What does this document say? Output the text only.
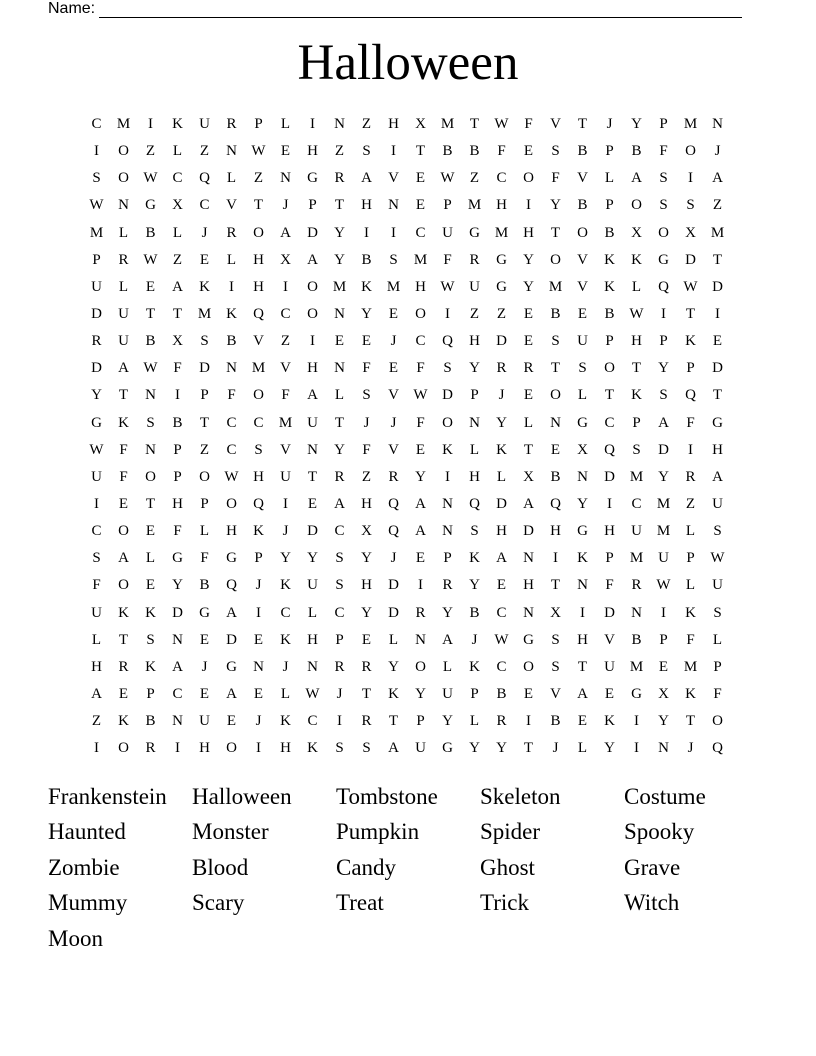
Name:
Halloween
C	M	I	K	U	R	P	L	I	N	Z	H	X M	T	W	F	V	T	J	Y	P	M N
I	O	Z	L	Z	N W	E	H	Z	S	I	T	B	B	F	E	S	B	P	B	F	O	J
S	O W C	Q	L	Z	N	G	R	A	V	E	W	Z	C	O	F	V	L	A	S	I	A
W N	G	X	C	V	T	J	P	T	H	N	E	P	M H	I	Y	B	P	O	S	S	Z
M	L	B	L	J	R	O	A	D	Y	I	I	C	U	G M H	T	O	B	X	O	X M
P	R W	Z	E	L	H	X	A	Y	B	S	M	F	R	G	Y	O	V	K	K	G	D	T
U	L	E	A	K	I	H	I	O M K M H W U	G	Y M V	K	L	Q W D
D	U	T	T	M K	Q	C	O	N	Y	E	O	I	Z	Z	E	B	E	B W	I	T	I
R	U	B	X	S	B	V	Z	I	E	E	J	C	Q	H	D	E	S	U	P	H	P	K	E
D	A W	F	D	N M V	H	N	F	E	F	S	Y	R	R	T	S	O	T	Y	P	D
Y	T	N	I	P	F	O	F	A	L	S	V W D	P	J	E	O	L	T	K	S	Q	T
G	K	S	B	T	C	C	M U	T	J	J	F	O	N	Y	L	N	G	C	P	A	F	G
W	F	N	P	Z	C	S	V	N	Y	F	V	E	K	L	K	T	E	X	Q	S	D	I	H
U	F	O	P	O W H	U	T	R	Z	R	Y	I	H	L	X	B	N	D M Y	R	A
I	E	T	H	P	O	Q	I	E	A	H	Q	A	N	Q	D	A	Q	Y	I	C	M	Z	U
C	O	E	F	L	H	K	J	D	C	X	Q	A	N	S	H	D	H	G	H	U M	L	S
S	A	L	G	F	G	P	Y	Y	S	Y	J	E	P	K	A	N	I	K	P	M U	P	W
F	O	E	Y	B	Q	J	K	U	S	H	D	I	R	Y	E	H	T	N	F	R W	L	U
U	K	K	D	G	A	I	C	L	C	Y	D	R	Y	B	C	N	X	I	D	N	I	K	S
L	T	S	N	E	D	E	K	H	P	E	L	N	A	J	W G	S	H	V	B	P	F	L
H	R	K	A	J	G	N	J	N	R	R	Y	O	L	K	C	O	S	T	U M	E	M	P
A	E	P	C	E	A	E	L	W	J	T	K	Y	U	P	B	E	V	A	E	G	X	K	F
Z	K	B	N	U	E	J	K	C	I	R	T	P	Y	L	R	I	B	E	K	I	Y	T	O
I	O	R	I	H	O	I	H	K	S	S	A	U	G	Y	Y	T	J	L	Y	I	N	J	Q
Frankenstein	Halloween	Tombstone	Skeleton	Costume
Haunted	Monster	Pumpkin	Spider	Spooky
Zombie	Blood	Candy	Ghost	Grave
Mummy	Scary	Treat	Trick	Witch
Moon
